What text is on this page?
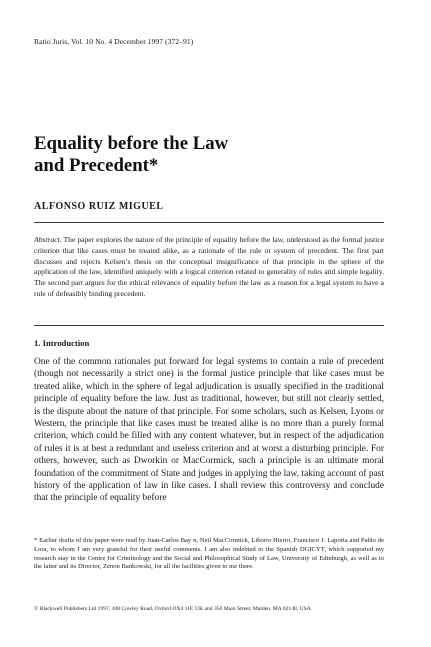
Ratio Juris. Vol. 10 No. 4 December 1997 (372–91)
Equality before the Law
and Precedent*
ALFONSO RUIZ MIGUEL
Abstract. The paper explores the nature of the principle of equality before the law, understood as the formal justice criterion that like cases must be treated alike, as a rationale of the rule or system of precedent. The first part discusses and rejects Kelsen’s thesis on the conceptual insignificance of that principle in the sphere of the application of the law, identified uniquely with a logical criterion related to generality of rules and simple legality. The second part argues for the ethical relevance of equality before the law as a reason for a legal system to have a rule of defeasibly binding precedent.
1. Introduction
One of the common rationales put forward for legal systems to contain a rule of precedent (though not necessarily a strict one) is the formal justice principle that like cases must be treated alike, which in the sphere of legal adjudication is usually specified in the traditional principle of equality before the law. Just as traditional, however, but still not clearly settled, is the dispute about the nature of that principle. For some scholars, such as Kelsen, Lyons or Western, the principle that like cases must be treated alike is no more than a purely formal criterion, which could be filled with any content whatever, but in respect of the adjudication of rules it is at best a redundant and useless criterion and at worst a disturbing principle. For others, however, such as Dworkin or MacCormick, such a principle is an ultimate moral foundation of the commitment of State and judges in applying the law, taking account of past history of the application of law in like cases. I shall review this controversy and conclude that the principle of equality before
* Earlier drafts of this paper were read by Juan-Carlos Bay n, Neil MacCormick, Liborio Hierro, Francisco J. Laporta and Pablo de Lora, to whom I am very grateful for their useful comments. I am also indebted to the Spanish DGICYT, which supported my research stay in the Centre for Criminology and the Social and Philosophical Study of Law, University of Edinburgh, as well as to the latter and its Director, Zenon Bankowski, for all the facilities given to me there.
© Blackwell Publishers Ltd 1997, 108 Cowley Road, Oxford OX4 1JF, UK and 350 Main Street, Malden, MA 02148, USA.
